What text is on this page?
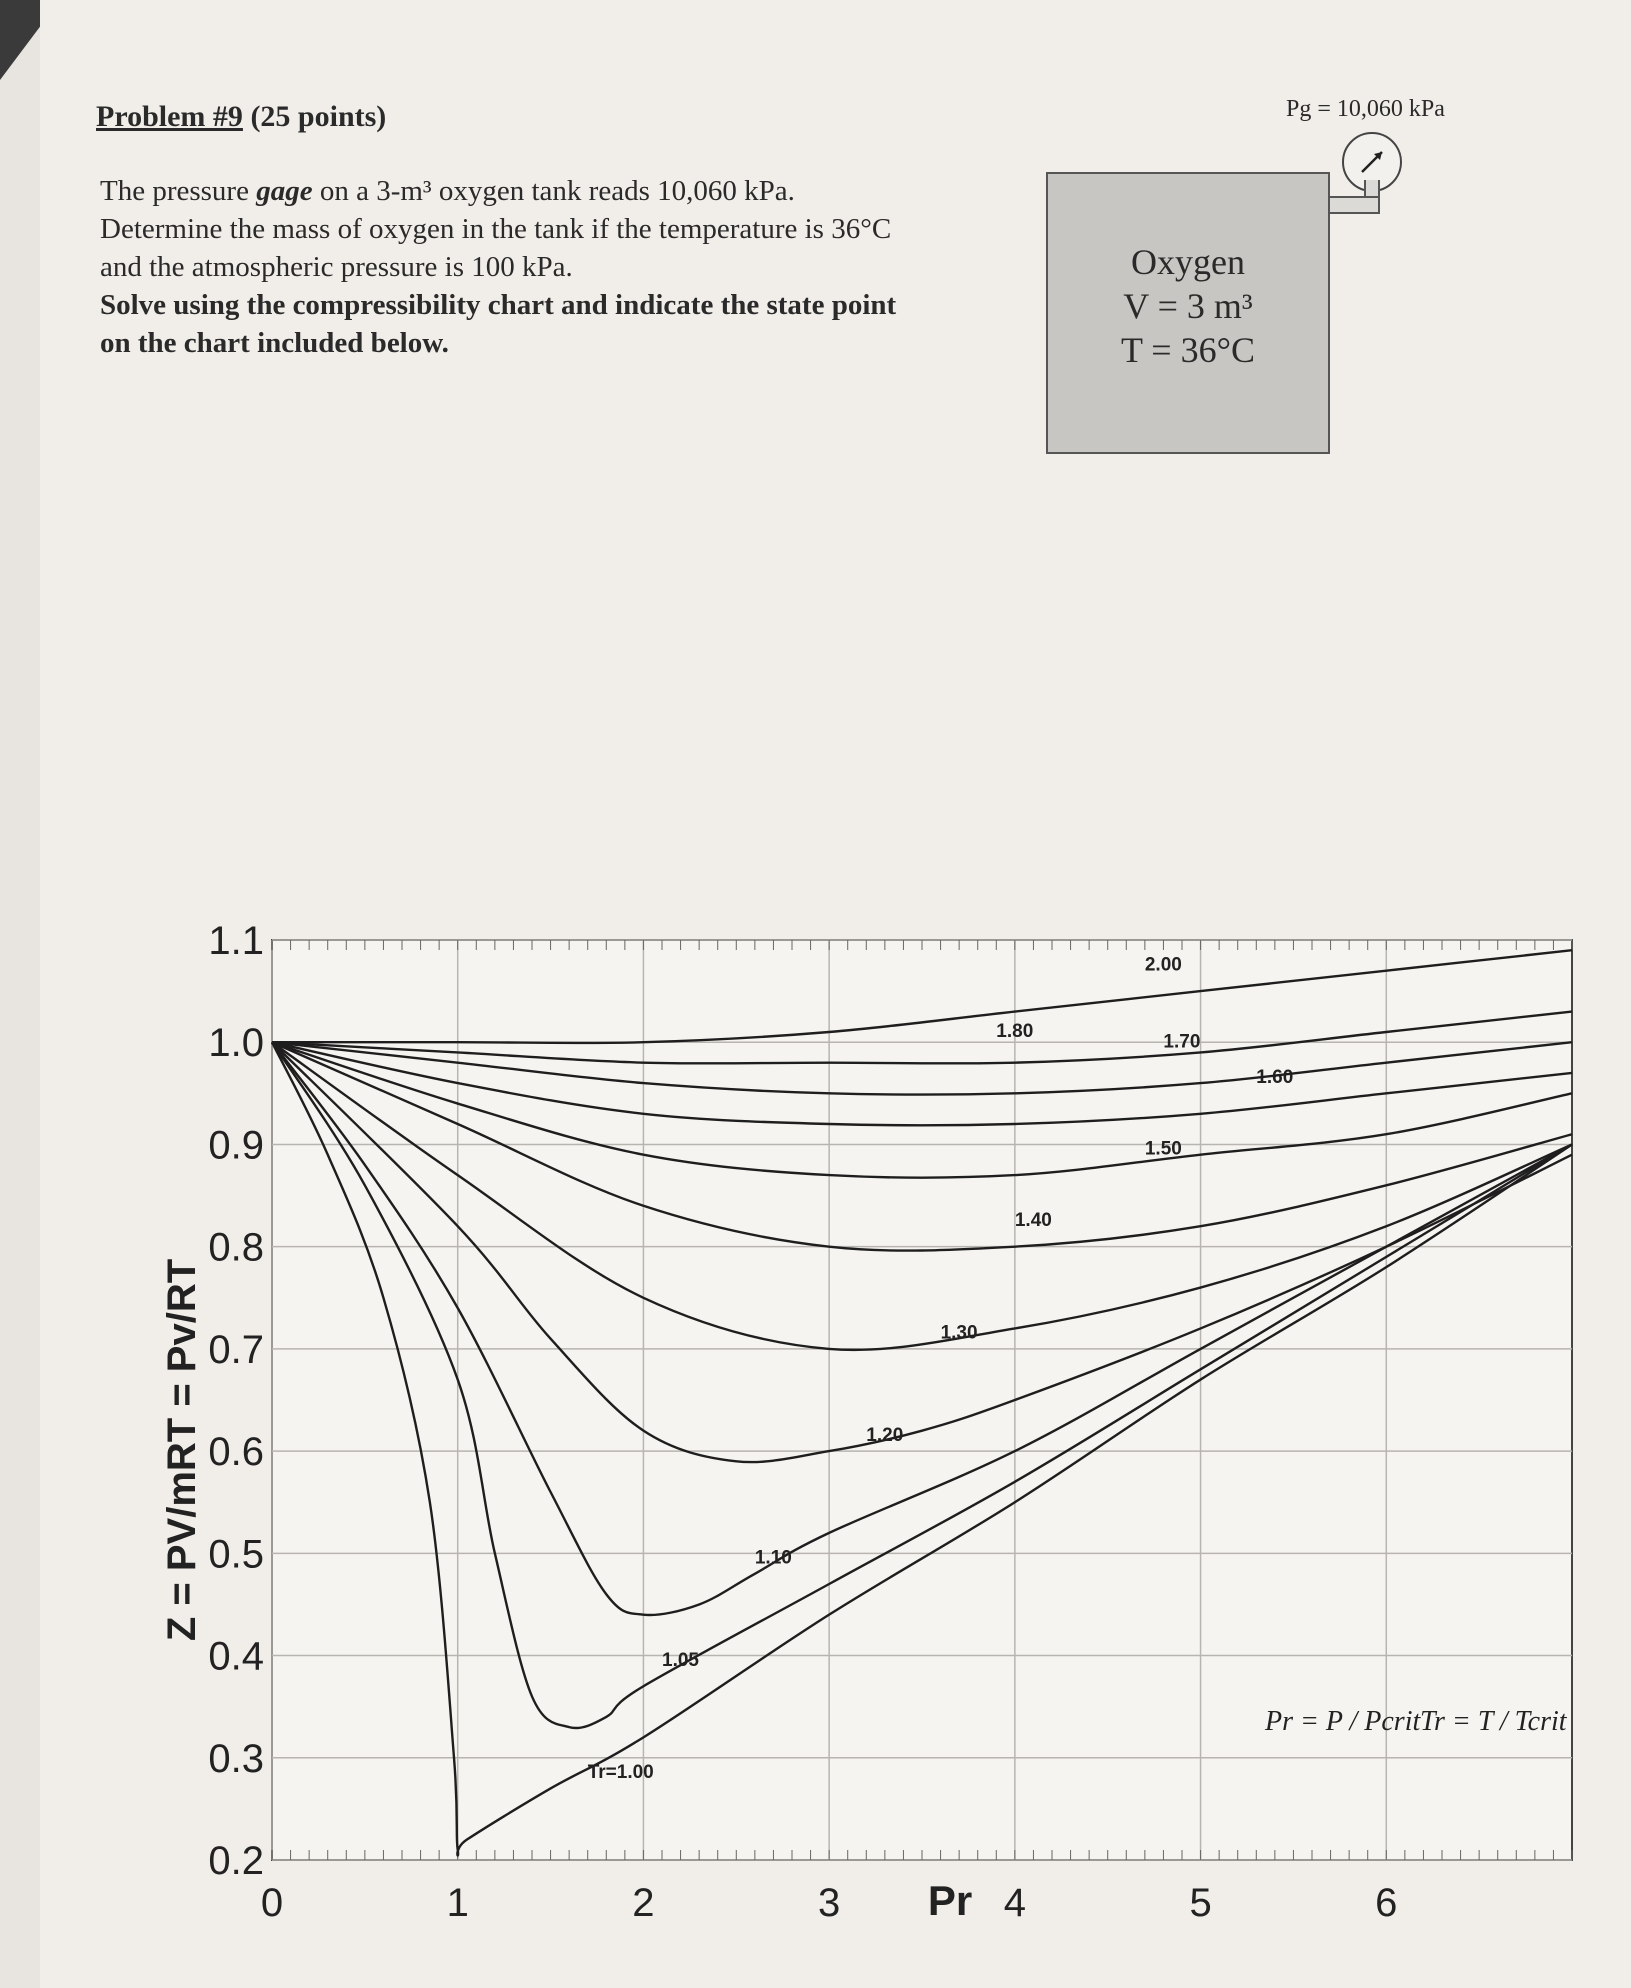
Problem #9 (25 points)

The pressure gage on a 3-m³ oxygen tank reads 10,060 kPa.

Determine the mass of oxygen in the tank if the temperature is 36°C

and the atmospheric pressure is 100 kPa.

Solve using the compressibility chart and indicate the state point

on the chart included below.

Pg = 10,060 kPa
Oxygen
V = 3 m³
T = 36°C
Tr=1.00
1.05
1.10
1.20
1.30
1.40
1.50
1.60
1.70
1.80
2.00
0	1	2	3	4	5	6
0.2
0.3
0.4
0.5
0.6
0.7
0.8
0.9
1.0
1.1
Z = PV/mRT = Pv/RT
Pr
Pr = P / Pcrit Tr = T / Tcrit
